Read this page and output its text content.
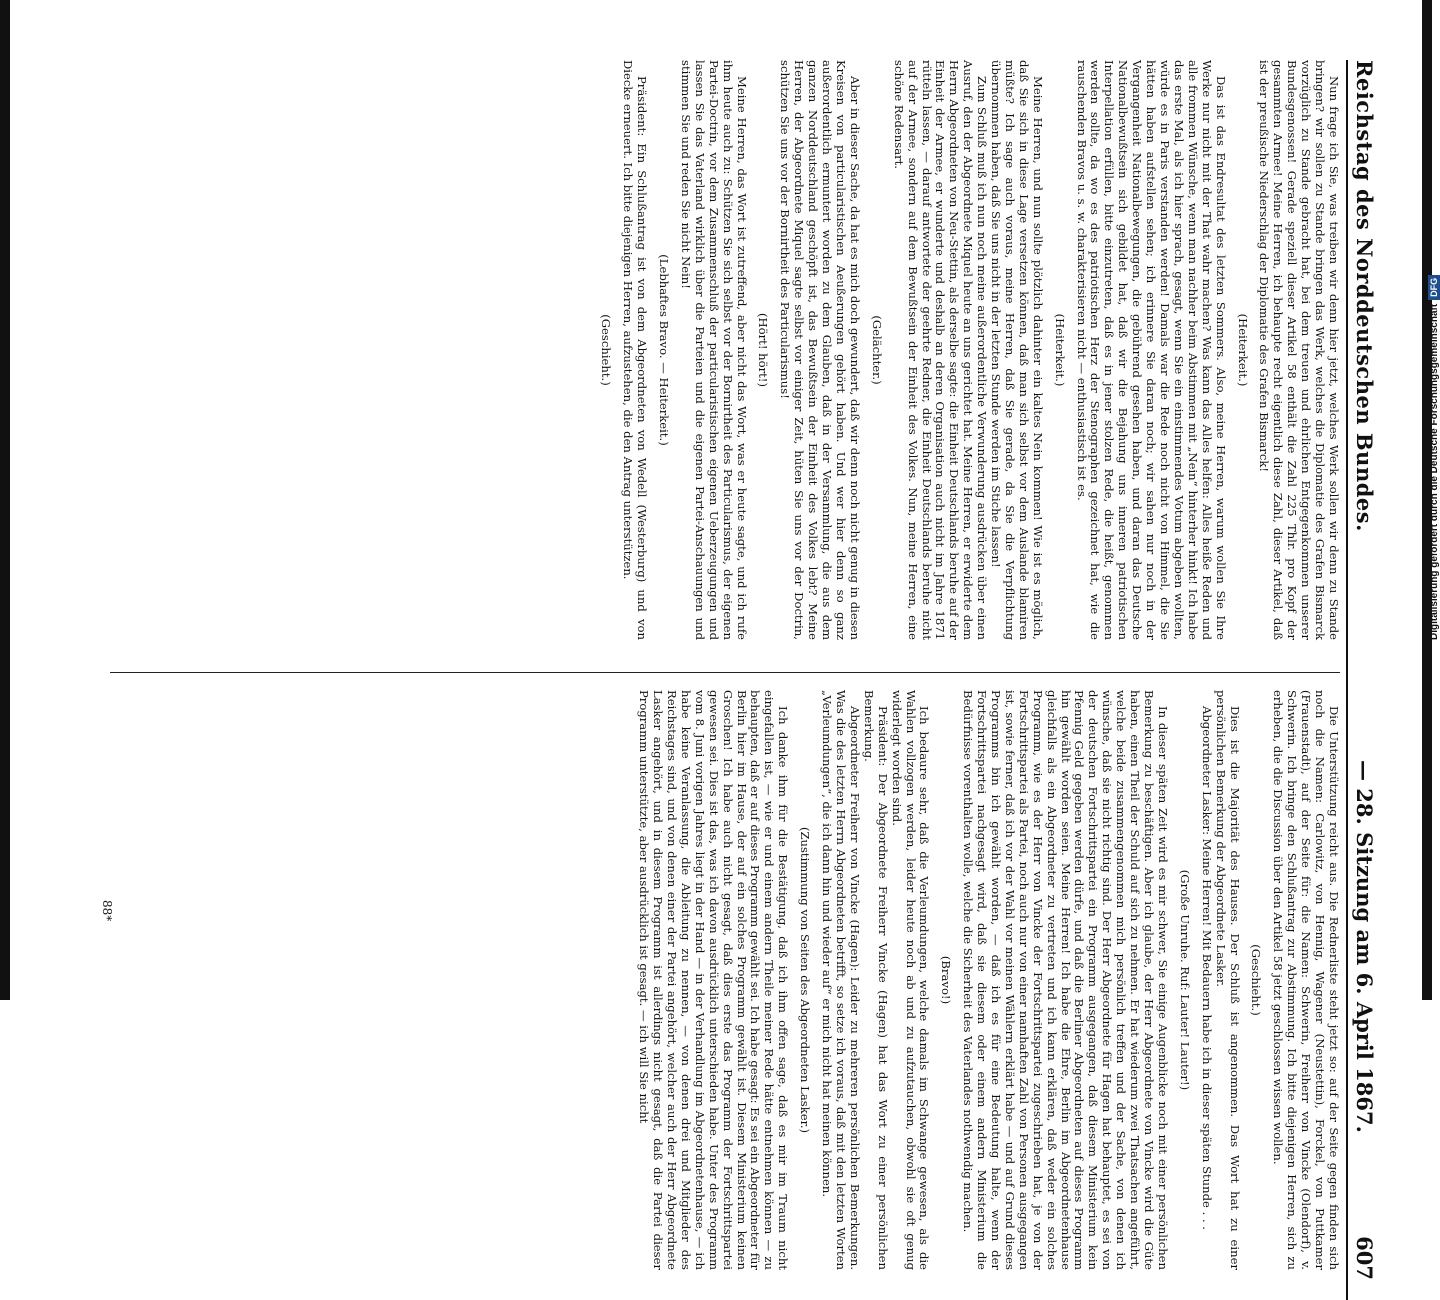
Reichstag des Norddeutschen Bundes.
— 28. Sitzung am 6. April 1867.
607

Nun frage ich Sie, was treiben wir denn hier jetzt, welches Werk sollen wir denn zu Stande bringen? wir sollen zu Stande bringen das Werk, welches die Diplomatie des Grafen Bismarck vorzüglich zu Stande gebracht hat, bei dem treuen und ehrlichen Entgegenkommen unserer Bundesgenossen! Gerade speziell dieser Artikel 58 enthält die Zahl 225 Thlr. pro Kopf der gesammten Armee! Meine Herren, ich behaupte recht eigentlich diese Zahl, dieser Artikel, daß ist der preußische Niederschlag der Diplomatie des Grafen Bismarck!

(Heiterkeit.)

Das ist das Endresultat des letzten Sommers. Also, meine Herren, warum wollen Sie Ihre Werke nur nicht mit der That wahr machen? Was kann das Alles helfen: Alles heiße Reden und alle frommen Wünsche, wenn man nachher beim Abstimmen mit „Nein“ hinterher hinkt! Ich habe das erste Mal, als ich hier sprach, gesagt, wenn Sie ein einstimmendes Votum abgeben wollten, würde es in Paris verstanden werden! Damals war die Rede noch nicht von Himmel, die Sie hätten haben aufstellen sehen; ich erinnere Sie daran noch; wir sahen nur noch in der Vergangenheit Nationalbewegungen, die gebührend gesehen haben, und daran das Deutsche Nationalbewußtsein sich gebildet hat, daß wir die Bejahung uns inneren patriotischen Interpellation erfüllen, bitte einzutreten, daß es in jener stolzen Rede, die heißt, genommen werden sollte, da wo es des patriotischen Herz der Stenographen gezeichnet hat, wie die rauschenden Bravos u. s. w. charakterisieren nicht — enthusiastisch ist es.

(Heiterkeit.)

Meine Herren, und nun sollte plötzlich dahinter ein kaltes Nein kommen! Wie ist es möglich, daß Sie sich in diese Lage versetzen können, daß man sich selbst vor dem Auslande blamiren müßte? Ich sage auch voraus, meine Herren, daß Sie gerade, da Sie die Verpflichtung übernommen haben, daß Sie uns nicht in der letzten Stunde werden im Stiche lassen!

Zum Schluß muß ich nun noch meine außerordentliche Verwunderung ausdrücken über einen Ausruf, den der Abgeordnete Miquel heute an uns gerichtet hat. Meine Herren, er erwiderte dem Herrn Abgeordneten von Neu-Stettin, als derselbe sagte: die Einheit Deutschlands beruhe auf der Einheit der Armee, er wunderte und deshalb an deren Organisation auch nicht im Jahre 1871 rütteln lassen, — darauf antwortete der geehrte Redner, die Einheit Deutschlands beruhe nicht auf der Armee, sondern auf dem Bewußtsein der Einheit des Volkes. Nun, meine Herren, eine schöne Redensart.

(Gelächter.)

Aber in dieser Sache, da hat es mich doch gewundert, daß wir denn noch nicht genug in diesen Kreisen von particularistischen Aeußerungen gehört haben. Und wer hier denn so ganz außerordentlich ermuntert worden zu dem Glauben, daß in der Versammlung, die aus dem ganzen Norddeutschland geschöpft ist, das Bewußtsein der Einheit des Volkes lebt? Meine Herren, der Abgeordnete Miquel sagte selbst vor einiger Zeit, hüten Sie uns vor der Doctrin, schützen Sie uns vor der Bornirtheit des Particularismus!

(Hört! hört!)

Meine Herren, das Wort ist zutreffend, aber nicht das Wort, was er heute sagte, und ich rufe ihm heute auch zu: Schützen Sie sich selbst vor der Bornirtheit des Particularismus, der eigenen Partei-Doctrin, vor dem Zusammenschluß der particularistischen eigenen Ueberzeugungen und lassen Sie das Vaterland wirklich über die Parteien und die eigenen Partei-Anschauungen und stimmen Sie und reden Sie nicht Nein!

(Lebhaftes Bravo. — Heiterkeit.)

Präsident: Ein Schlußantrag ist von dem Abgeordneten von Wedell (Westerburg) und von Diecke erneuert. Ich bitte diejenigen Herren, aufzustehen, die den Antrag unterstützen.

(Geschieht.)

Die Unterstützung reicht aus. Die Rednerliste steht jetzt so: auf der Seite gegen finden sich noch die Namen: Carlowitz, von Hennig, Wagener (Neustettin), Forckel, von Puttkamer (Frauenstadt), auf der Seite für: die Namen: Schwerin, Freiherr von Vincke (Olendorf), v. Schwerin. Ich bringe den Schlußantrag zur Abstimmung. Ich bitte diejenigen Herren, sich zu erheben, die die Discussion über den Artikel 58 jetzt geschlossen wissen wollen.

(Geschieht.)

Dies ist die Majorität des Hauses. Der Schluß ist angenommen. Das Wort hat zu einer persönlichen Bemerkung der Abgeordnete Lasker.

Abgeordneter Lasker: Meine Herren! Mit Bedauern habe ich in dieser späten Stunde . . .

(Große Unruhe. Ruf: Lauter! Lauter!)

In dieser späten Zeit wird es mir schwer, Sie einige Augenblicke noch mit einer persönlichen Bemerkung zu beschäftigen. Aber ich glaube, der Herr Abgeordnete von Vincke wird die Güte haben, einen Theil der Schuld auf sich zu nehmen. Er hat wiederum zwei Thatsachen angeführt, welche beide zusammengenommen mich persönlich treffen und der Sache, von denen ich wünsche, daß sie nicht richtig sind. Der Herr Abgeordnete für Hagen hat behauptet, es sei von der deutschen Fortschrittspartei ein Programm ausgegangen, daß diesem Ministerium kein Pfennig Geld gegeben werden dürfe, und daß die Berliner Abgeordneten auf dieses Programm hin gewählt worden seien. Meine Herren! Ich habe die Ehre, Berlin im Abgeordnetenhause gleichfalls als ein Abgeordneter zu vertreten und ich kann erklären, daß weder ein solches Programm, wie es der Herr von Vincke der Fortschrittspartei zugeschrieben hat, je von der Fortschrittspartei als Partei, noch auch nur von einer namhaften Zahl von Personen ausgegangen ist, sowie ferner, daß ich vor der Wahl vor meinen Wählern erklärt habe — und auf Grund dieses Programms bin ich gewählt worden, — daß ich es für eine Bedeutung halte, wenn der Fortschrittspartei nachgesagt wird, daß sie diesem oder einem andern Ministerium die Bedürfnisse vorenthalten wolle, welche die Sicherheit des Vaterlandes nothwendig machen.

(Bravo!)

Ich bedaure sehr, daß die Verleumdungen, welche damals im Schwange gewesen, als die Wahlen vollzogen werden, leider heute noch ab und zu aufzutauchen, obwohl sie oft genug widerlegt worden sind.

Präsident: Der Abgeordnete Freiherr Vincke (Hagen) hat das Wort zu einer persönlichen Bemerkung.

Abgeordneter Freiherr von Vincke (Hagen): Leider zu mehreren persönlichen Bemerkungen. Was die des letzten Herrn Abgeordneten betrifft, so setze ich voraus, daß mit den letzten Worten „Verleumdungen“, die ich dann hin und wieder auf“ er mich nicht hat meinen können.

(Zustimmung von Seiten des Abgeordneten Lasker.)

Ich danke ihm für die Bestätigung, daß ich ihm offen sage, daß es mir im Traum nicht eingefallen ist, — wie er und einem andern Theile meiner Rede hätte entnehmen können — zu behaupten, daß er auf dieses Programm gewählt sei. Ich habe gesagt: Es sei ein Abgeordneter für Berlin hier im Hause, der auf ein solches Programm gewählt ist. Diesem Ministerium keinen Groschen! Ich habe auch nicht gesagt, daß dies erste das Programm der Fortschrittspartei gewesen sei. Dies ist das, was ich davon ausdrücklich unterschieden habe. Unter des Programm vom 8. Juni vorigen Jahres liegt in der Hand — in der Verhandlung im Abgeordnetenhause, — ich habe keine Veranlassung, die Ableitung zu nennen, — von denen drei und Mitglieder des Reichstages sind, und von denen einer der Partei angehört, welcher auch der Herr Abgeordnete Lasker angehört, und in diesem Programm ist allerdings nicht gesagt, daß die Partei dieser Programm unterstützte, aber ausdrücklich ist gesagt. — ich will Sie nicht

88*
Digitalisierung gefördert durch die Deutsche Forschungsgemeinschaft
DFG
